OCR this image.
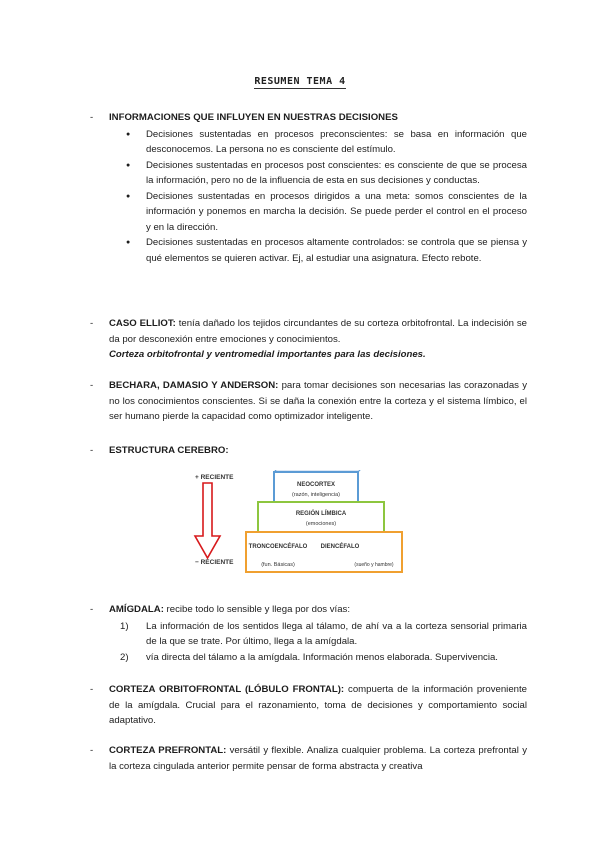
RESUMEN TEMA 4
- INFORMACIONES QUE INFLUYEN EN NUESTRAS DECISIONES
● Decisiones sustentadas en procesos preconscientes: se basa en información que desconocemos. La persona no es consciente del estímulo.
● Decisiones sustentadas en procesos post conscientes: es consciente de que se procesa la información, pero no de la influencia de esta en sus decisiones y conductas.
● Decisiones sustentadas en procesos dirigidos a una meta: somos conscientes de la información y ponemos en marcha la decisión. Se puede perder el control en el proceso y en la dirección.
● Decisiones sustentadas en procesos altamente controlados: se controla que se piensa y qué elementos se quieren activar. Ej, al estudiar una asignatura. Efecto rebote.
- CASO ELLIOT: tenía dañado los tejidos circundantes de su corteza orbitofrontal. La indecisión se da por desconexión entre emociones y conocimientos.
Corteza orbitofrontal y ventromedial importantes para las decisiones.
- BECHARA, DAMASIO Y ANDERSON: para tomar decisiones son necesarias las corazonadas y no los conocimientos conscientes. Si se daña la conexión entre la corteza y el sistema límbico, el ser humano pierde la capacidad como optimizador inteligente.
- ESTRUCTURA CEREBRO:
+ RECIENTE
− RECIENTE
NEOCORTEX
(razón, inteligencia)
REGIÓN LÍMBICA
(emociones)
TRONCOENCÉFALO DIENCÉFALO
(fun. Básicas)	(sueño y hambre)
- AMÍGDALA: recibe todo lo sensible y llega por dos vías:
1) La información de los sentidos llega al tálamo, de ahí va a la corteza sensorial primaria de la que se trate. Por último, llega a la amígdala.
2) vía directa del tálamo a la amígdala. Información menos elaborada. Supervivencia.
- CORTEZA ORBITOFRONTAL (LÓBULO FRONTAL): compuerta de la información proveniente de la amígdala. Crucial para el razonamiento, toma de decisiones y comportamiento social adaptativo.
- CORTEZA PREFRONTAL: versátil y flexible. Analiza cualquier problema. La corteza prefrontal y la corteza cingulada anterior permite pensar de forma abstracta y creativa
